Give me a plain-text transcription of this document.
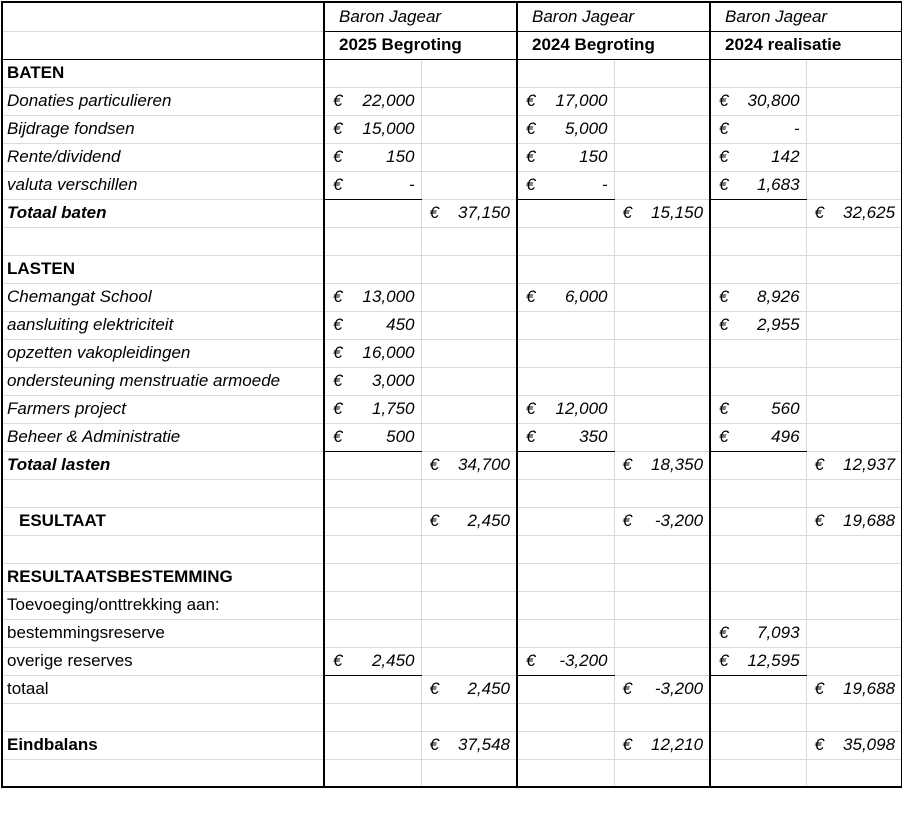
	Baron Jagear		Baron Jagear		Baron Jagear	
	2025 Begroting		2024 Begroting		2024 realisatie	
BATEN						
Donaties particulieren	€ 22,000		€ 17,000		€ 30,800	

Bijdrage fondsen	€ 15,000		€ 5,000		€ -	

Rente/dividend	€ 150		€ 150		€ 142	

valuta verschillen	€ -		€ -		€ 1,683	

Totaal baten		€ 37,150		€ 15,150		€ 32,625

LASTEN						
Chemangat School	€ 13,000		€ 6,000		€ 8,926	

aansluiting elektriciteit	€ 450				€ 2,955	

opzetten vakopleidingen	€ 16,000					

ondersteuning menstruatie armoede	€ 3,000					

Farmers project	€ 1,750		€ 12,000		€ 560	

Beheer & Administratie	€ 500		€ 350		€ 496	

Totaal lasten		€ 34,700		€ 18,350		€ 12,937

ESULTAAT		€ 2,450		€ -3,200		€ 19,688

RESULTAATSBESTEMMING						
Toevoeging/onttrekking aan:						
bestemmingsreserve					€ 7,093	

overige reserves	€ 2,450		€ -3,200		€ 12,595	

totaal		€ 2,450		€ -3,200		€ 19,688

Eindbalans		€ 37,548		€ 12,210		€ 35,098
